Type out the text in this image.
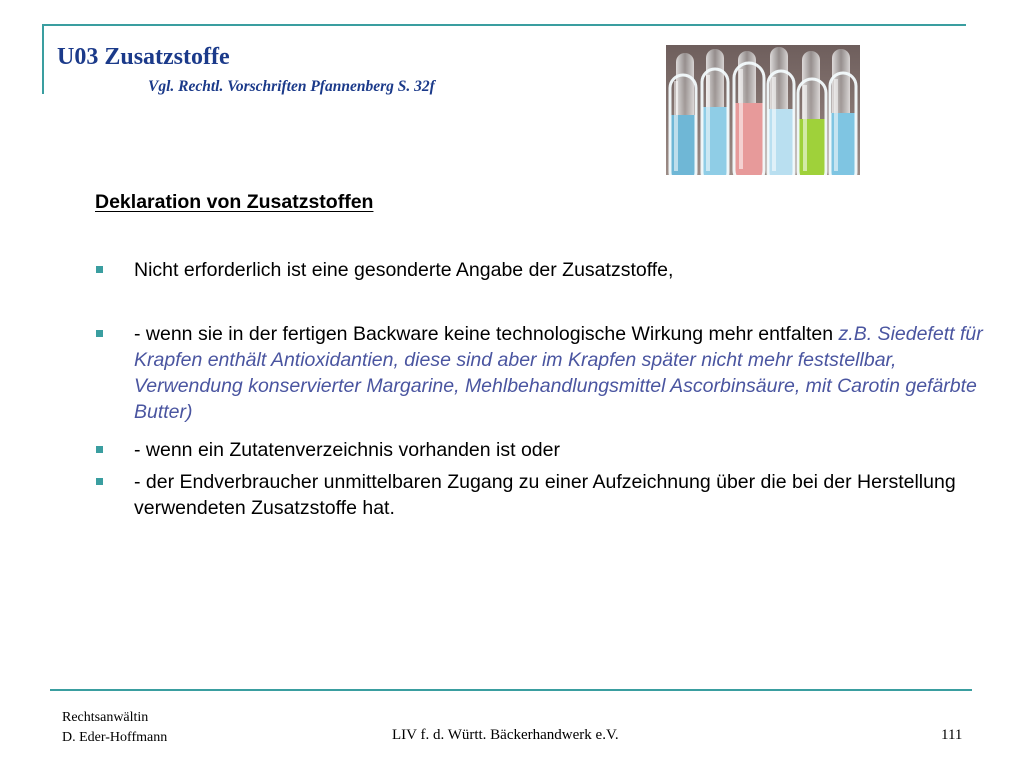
U03 Zusatzstoffe
Vgl. Rechtl. Vorschriften Pfannenberg S. 32f
Deklaration von Zusatzstoffen
Nicht erforderlich ist eine gesonderte Angabe der Zusatzstoffe,
- wenn sie in der fertigen Backware keine technologische Wirkung mehr entfalten z.B. Siedefett für Krapfen enthält Antioxidantien, diese sind aber im Krapfen später nicht mehr feststellbar, Verwendung konservierter Margarine, Mehlbehandlungsmittel Ascorbinsäure, mit Carotin gefärbte Butter)
- wenn ein Zutatenverzeichnis vorhanden ist oder
- der Endverbraucher unmittelbaren Zugang zu einer Aufzeichnung über die bei der Herstellung verwendeten Zusatzstoffe hat.
Rechtsanwältin
D. Eder-Hoffmann	LIV f. d. Württ. Bäckerhandwerk e.V.	111
